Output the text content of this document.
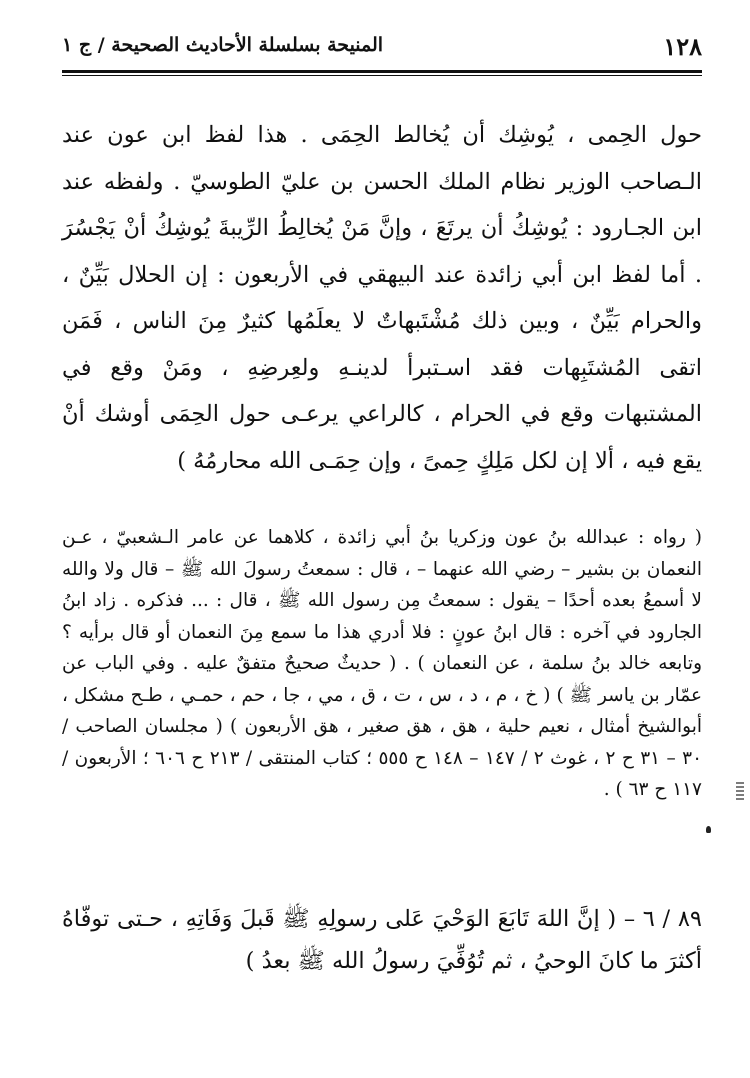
١٢٨
المنيحة بسلسلة الأحاديث الصحيحة / ج ١

حول الحِمى ، يُوشِك أن يُخالط الحِمَى . هذا لفظ ابن عون عند الـصاحب الوزير نظام الملك الحسن بن عليّ الطوسيّ . ولفظه عند ابن الجـارود : يُوشِكُ أن يرتَعَ ، وإنَّ مَنْ يُخالِطُ الرِّيبةَ يُوشِكُ أنْ يَجْسُرَ . أما لفظ ابن أبي زائدة عند البيهقي في الأربعون : إن الحلال بَيِّنٌ ، والحرام بَيِّنٌ ، وبين ذلك مُشْتَبهاتٌ لا يعلَمُها كثيرٌ مِنَ الناس ، فَمَن اتقى المُشتَبِهات فقد اسـتبرأ لدينـهِ ولعِرضِهِ ، ومَنْ وقع في المشتبهات وقع في الحرام ، كالراعي يرعـى حول الحِمَى أوشك أنْ يقع فيه ، ألا إن لكل مَلِكٍ حِمىً ، وإن حِمَـى الله محارمُهُ )

( رواه : عبدالله بنُ عون وزكريا بنُ أبي زائدة ، كلاهما عن عامر الـشعبيّ ، عـن النعمان بن بشير – رضي الله عنهما – ، قال : سمعتُ رسولَ الله ﷺ – قال ولا والله لا أسمعُ بعده أحدًا – يقول : سمعتُ مِن رسول الله ﷺ ، قال : ... فذكره . زاد ابنُ الجارود في آخره : قال ابنُ عونٍ : فلا أدري هذا ما سمع مِنَ النعمان أو قال برأيه ؟ وتابعه خالد بنُ سلمة ، عن النعمان ) . ( حديثٌ صحيحٌ متفقٌ عليه . وفي الباب عن عمّار بن ياسر ﷺ ) ( خ ، م ، د ، س ، ت ، ق ، مي ، جا ، حم ، حمـي ، طـح مشكل ، أبوالشيخ أمثال ، نعيم حلية ، هق ، هق صغير ، هق الأربعون ) ( مجلسان الصاحب / ٣٠ – ٣١ ح ٢ ، غوث ٢ / ١٤٧ – ١٤٨ ح ٥٥٥ ؛ كتاب المنتقى / ٢١٣ ح ٦٠٦ ؛ الأربعون / ١١٧ ح ٦٣ ) .

٨٩ / ٦ – ( إنَّ اللهَ تَابَعَ الوَحْيَ عَلى رسولِهِ ﷺ قَبلَ وَفَاتِهِ ، حـتى توفّاهُ أكثرَ ما كانَ الوحيُ ، ثم تُوُفِّيَ رسولُ الله ﷺ بعدُ )
